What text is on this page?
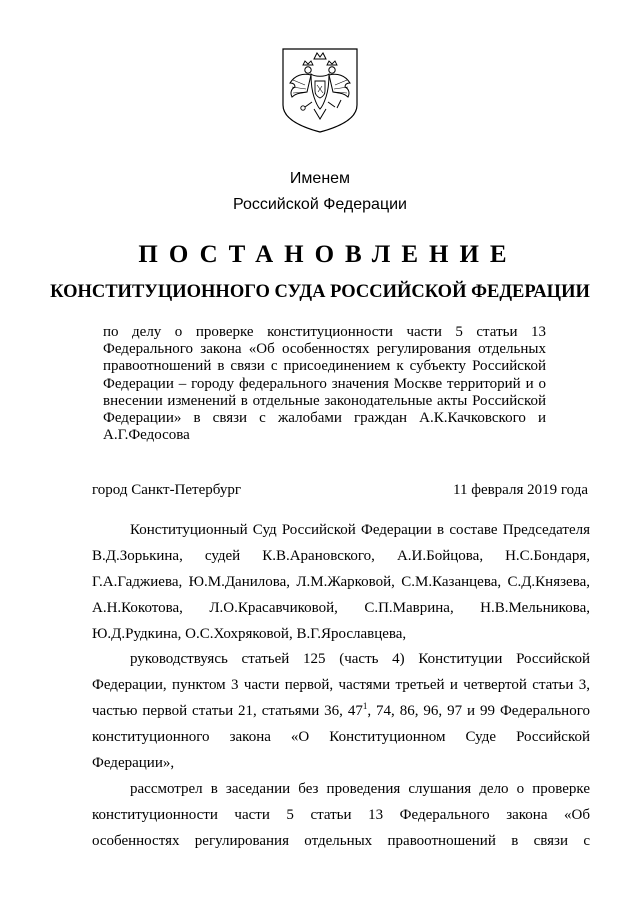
Именем
Российской Федерации
ПОСТАНОВЛЕНИЕ
КОНСТИТУЦИОННОГО СУДА РОССИЙСКОЙ ФЕДЕРАЦИИ
по делу о проверке конституционности части 5 статьи 13
Федерального закона «Об особенностях регулирования отдельных
правоотношений в связи с присоединением к субъекту Российской
Федерации – городу федерального значения Москве территорий и о
внесении изменений в отдельные законодательные акты Российской
Федерации» в связи с жалобами граждан А.К.Качковского и
А.Г.Федосова
город Санкт-Петербург	11 февраля 2019 года
Конституционный Суд Российской Федерации в составе Председателя
В.Д.Зорькина, судей К.В.Арановского, А.И.Бойцова, Н.С.Бондаря,
Г.А.Гаджиева, Ю.М.Данилова, Л.М.Жарковой, С.М.Казанцева, С.Д.Князева,
А.Н.Кокотова, Л.О.Красавчиковой, С.П.Маврина, Н.В.Мельникова,
Ю.Д.Рудкина, О.С.Хохряковой, В.Г.Ярославцева,
руководствуясь статьей 125 (часть 4) Конституции Российской
Федерации, пунктом 3 части первой, частями третьей и четвертой статьи 3,
частью первой статьи 21, статьями 36, $47^1$, 74, 86, 96, 97 и 99 Федерального
конституционного закона «О Конституционном Суде Российской
Федерации»,
рассмотрел в заседании без проведения слушания дело о проверке
конституционности части 5 статьи 13 Федерального закона «Об
особенностях регулирования отдельных правоотношений в связи с
